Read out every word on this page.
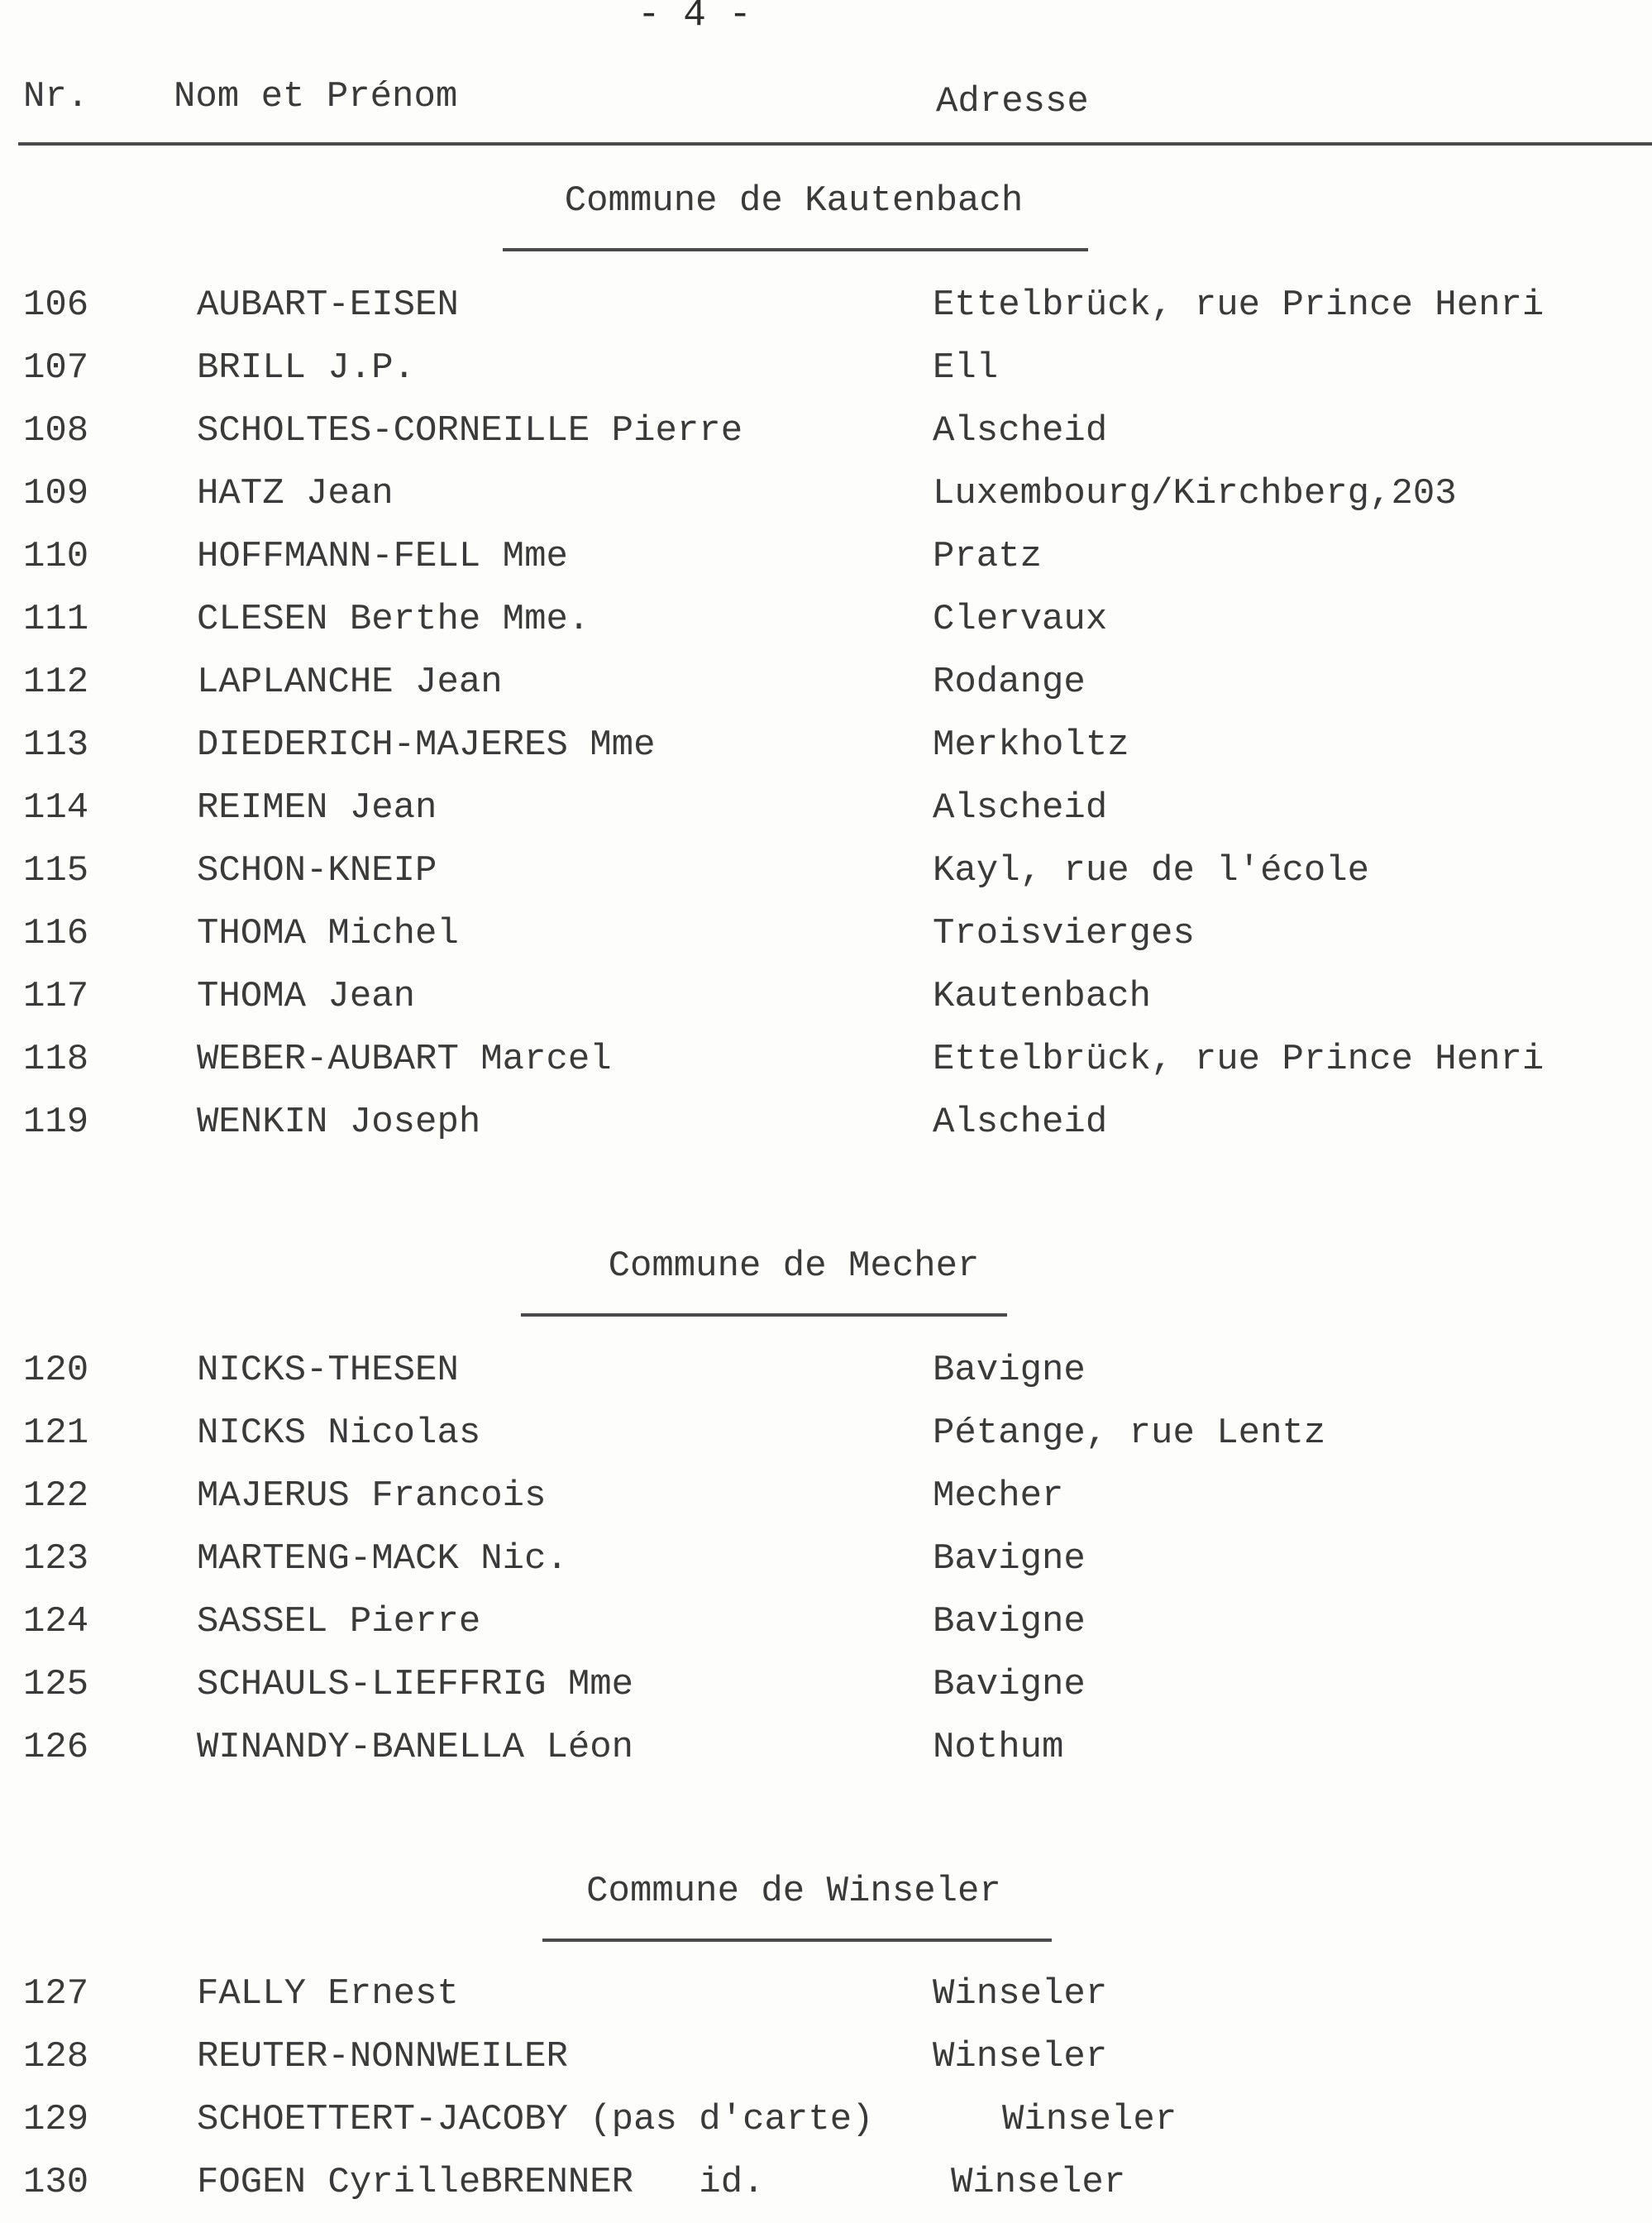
- 4 -
Nr. Nom et Prénom	Adresse
Commune de Kautenbach
106	AUBART-EISEN	Ettelbrück, rue Prince Henri
107	BRILL J.P.	Ell
108	SCHOLTES-CORNEILLE Pierre	Alscheid
109	HATZ Jean	Luxembourg/Kirchberg,203
110	HOFFMANN-FELL Mme	Pratz
111	CLESEN Berthe Mme.	Clervaux
112	LAPLANCHE Jean	Rodange
113	DIEDERICH-MAJERES Mme	Merkholtz
114	REIMEN Jean	Alscheid
115	SCHON-KNEIP	Kayl, rue de l'école
116	THOMA Michel	Troisvierges
117	THOMA Jean	Kautenbach
118	WEBER-AUBART Marcel	Ettelbrück, rue Prince Henri
119	WENKIN Joseph	Alscheid
Commune de Mecher
120	NICKS-THESEN	Bavigne
121	NICKS Nicolas	Pétange, rue Lentz
122	MAJERUS Francois	Mecher
123	MARTENG-MACK Nic.	Bavigne
124	SASSEL Pierre	Bavigne
125	SCHAULS-LIEFFRIG Mme	Bavigne
126	WINANDY-BANELLA Léon	Nothum
Commune de Winseler
127	FALLY Ernest	Winseler
128	REUTER-NONNWEILER	Winseler
129	SCHOETTERT-JACOBY (pas d'carte)	Winseler
130	FOGEN CyrilleBRENNER   id.	Winseler
